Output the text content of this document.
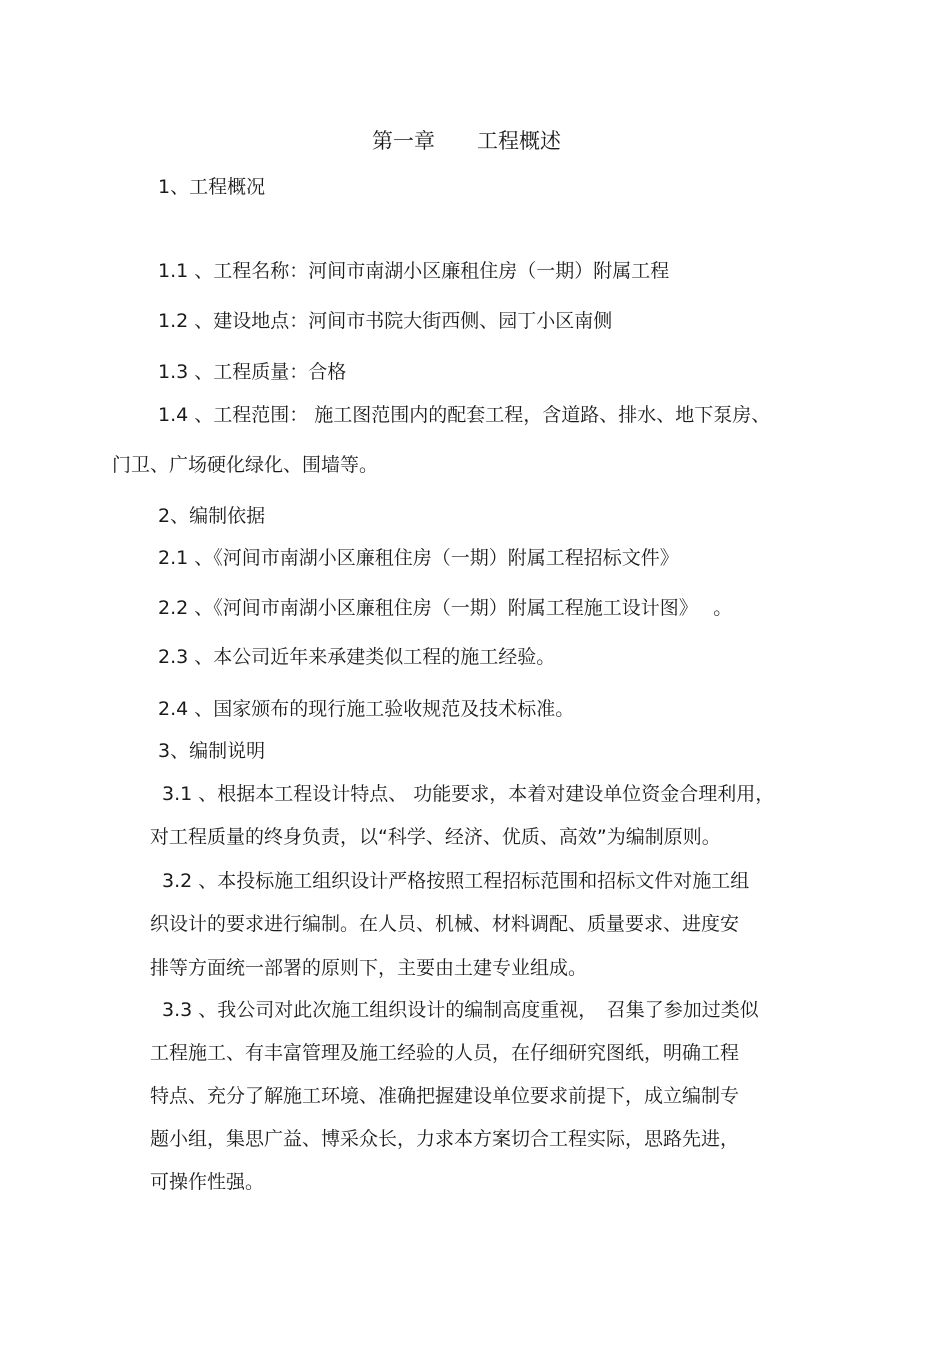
第一章　　工程概述

1、工程概况

1.1 、工程名称：河间市南湖小区廉租住房（一期）附属工程

1.2 、建设地点：河间市书院大街西侧、园丁小区南侧

1.3 、工程质量：合格

1.4 、工程范围： 施工图范围内的配套工程，含道路、排水、地下泵房、

门卫、广场硬化绿化、围墙等。

2、编制依据

2.1 、《河间市南湖小区廉租住房（一期）附属工程招标文件》

2.2 、《河间市南湖小区廉租住房（一期）附属工程施工设计图》　 。

2.3 、本公司近年来承建类似工程的施工经验。

2.4 、国家颁布的现行施工验收规范及技术标准。

3、编制说明

3.1 、根据本工程设计特点、 功能要求，本着对建设单位资金合理利用，

对工程质量的终身负责，以“科学、经济、优质、高效”为编制原则。

3.2 、本投标施工组织设计严格按照工程招标范围和招标文件对施工组

织设计的要求进行编制。在人员、机械、材料调配、质量要求、进度安

排等方面统一部署的原则下，主要由土建专业组成。

3.3 、我公司对此次施工组织设计的编制高度重视，　召集了参加过类似

工程施工、有丰富管理及施工经验的人员，在仔细研究图纸，明确工程

特点、充分了解施工环境、准确把握建设单位要求前提下，成立编制专

题小组，集思广益、博采众长，力求本方案切合工程实际，思路先进，

可操作性强。
